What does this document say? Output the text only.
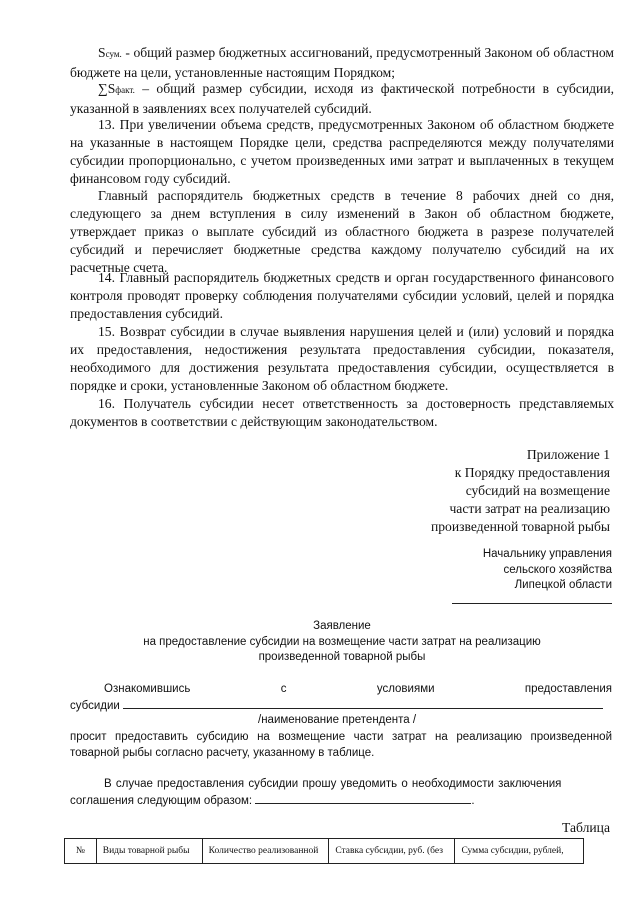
Sсум. - общий размер бюджетных ассигнований, предусмотренный Законом об областном бюджете на цели, установленные настоящим Порядком;

∑Sфакт. – общий размер субсидии, исходя из фактической потребности в субсидии, указанной в заявлениях всех получателей субсидий.

13. При увеличении объема средств, предусмотренных Законом об областном бюджете на указанные в настоящем Порядке цели, средства распределяются между получателями субсидии пропорционально, с учетом произведенных ими затрат и выплаченных в текущем финансовом году субсидий.

Главный распорядитель бюджетных средств в течение 8 рабочих дней со дня, следующего за днем вступления в силу изменений в Закон об областном бюджете, утверждает приказ о выплате субсидий из областного бюджета в разрезе получателей субсидий и перечисляет бюджетные средства каждому получателю субсидий на их расчетные счета.

14. Главный распорядитель бюджетных средств и орган государственного финансового контроля проводят проверку соблюдения получателями субсидии условий, целей и порядка предоставления субсидий.

15. Возврат субсидии в случае выявления нарушения целей и (или) условий и порядка их предоставления, недостижения результата предоставления субсидии, показателя, необходимого для достижения результата предоставления субсидии, осуществляется в порядке и сроки, установленные Законом об областном бюджете.

16. Получатель субсидии несет ответственность за достоверность представляемых документов в соответствии с действующим законодательством.

Приложение 1
к Порядку предоставления
субсидий на возмещение
части затрат на реализацию
произведенной товарной рыбы
Начальнику управления
сельского хозяйства
Липецкой области
Заявление
на предоставление субсидии на возмещение части затрат на реализацию
произведенной товарной рыбы
Ознакомившись	с	условиями	предоставления
субсидии
/наименование претендента /
просит предоставить субсидию на возмещение части затрат на реализацию произведенной товарной рыбы согласно расчету, указанному в таблице.
В случае предоставления субсидии прошу уведомить о необходимости заключения
соглашения следующим образом:	.
Таблица
№	Виды товарной рыбы	Количество реализованной	Ставка субсидии, руб. (без	Сумма субсидии, рублей,
